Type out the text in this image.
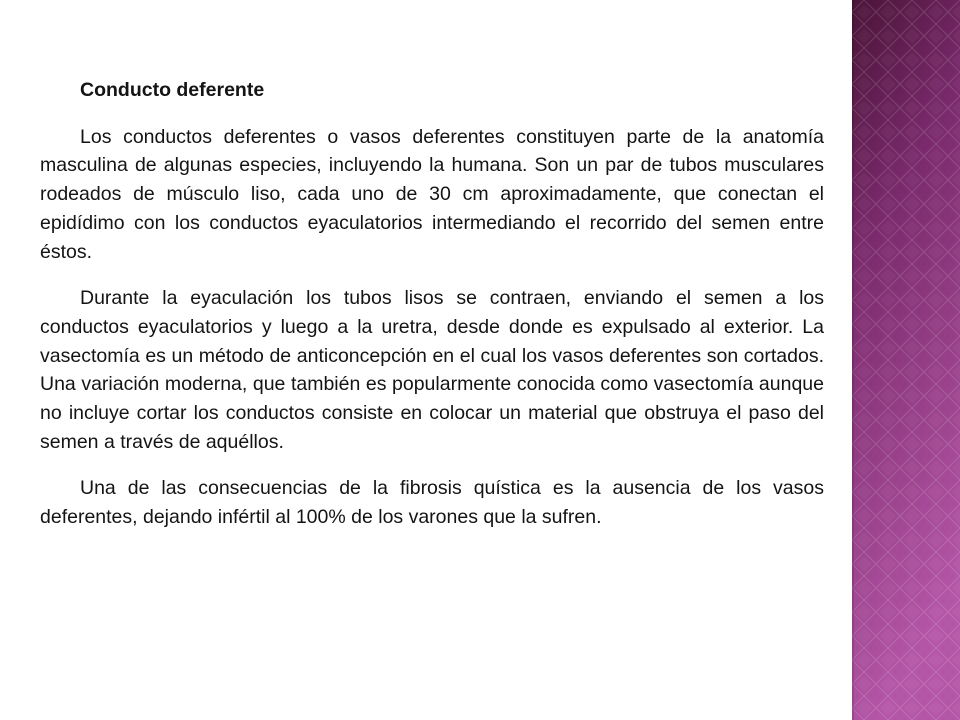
Conducto deferente

Los conductos deferentes o vasos deferentes constituyen parte de la anatomía masculina de algunas especies, incluyendo la humana. Son un par de tubos musculares rodeados de músculo liso, cada uno de 30 cm aproximadamente, que conectan el epidídimo con los conductos eyaculatorios intermediando el recorrido del semen entre éstos.

Durante la eyaculación los tubos lisos se contraen, enviando el semen a los conductos eyaculatorios y luego a la uretra, desde donde es expulsado al exterior. La vasectomía es un método de anticoncepción en el cual los vasos deferentes son cortados. Una variación moderna, que también es popularmente conocida como vasectomía aunque no incluye cortar los conductos consiste en colocar un material que obstruya el paso del semen a través de aquéllos.

Una de las consecuencias de la fibrosis quística es la ausencia de los vasos deferentes, dejando infértil al 100% de los varones que la sufren.
